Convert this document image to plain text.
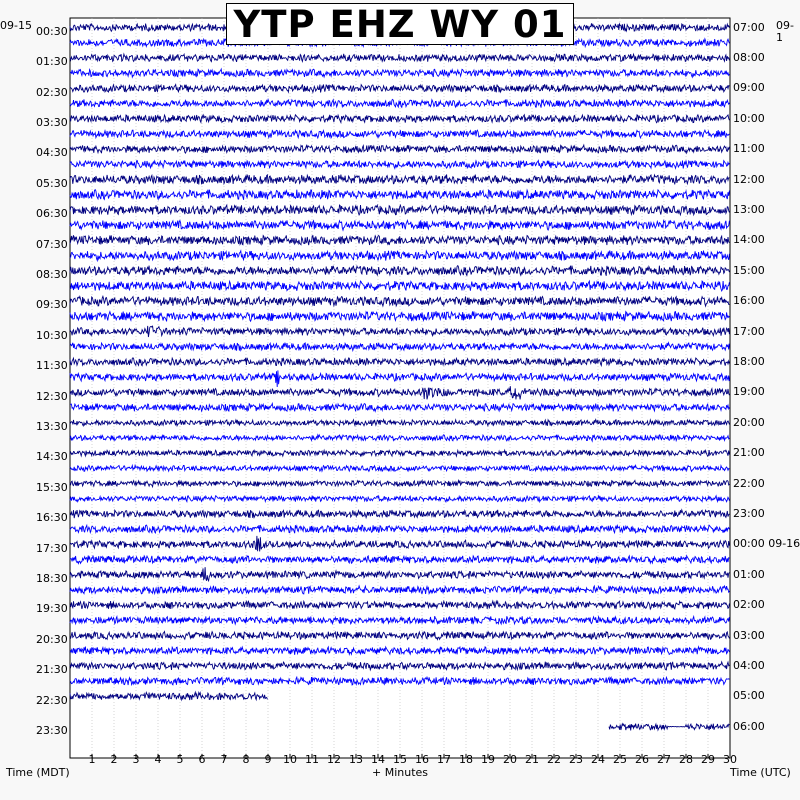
YTP EHZ WY 01
09-15	09-1
00:30
01:30
02:30
03:30
04:30
05:30
06:30
07:30
08:30
09:30
10:30
11:30
12:30
13:30
14:30
15:30
16:30
17:30
18:30
19:30
20:30
21:30
22:30
23:30
07:00
08:00
09:00
10:00
11:00
12:00
13:00
14:00
15:00
16:00
17:00
18:00
19:00
20:00
21:00
22:00
23:00
00:00 09-16
01:00
02:00
03:00
04:00
05:00
06:00
1	2	3	4	5	6	7	8	9	10 11 12 13 14 15 16 17 18 19 20 21 22 23 24 25 26 27 28 29 30
Time (MDT)	+ Minutes	Time (UTC)
